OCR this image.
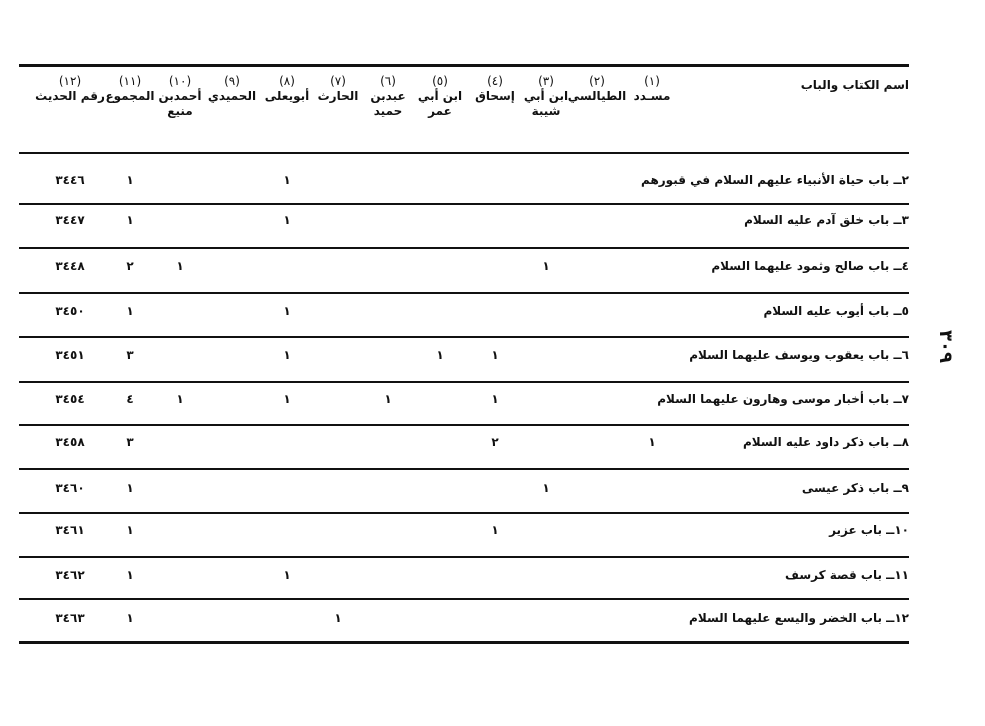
اسم الكتاب والباب
(١)
مسـدد
(٢)
الطيالسي
(٣)
ابن أبي
شيبة
(٤)
إسحاق
(٥)
ابن أبي
عمر
(٦)
عبدبن
حميد
(٧)
الحارث
(٨)
أبويعلى
(٩)
الحميدي
(١٠)
أحمدبن
منيع
(١١)
المجموع
(١٢)
رقم الحديث
٢ــ باب حياة الأنبياء عليهم السلام في قبورهم
١
١
٣٤٤٦
٣ــ باب خلق آدم عليه السلام
١
١
٣٤٤٧
٤ــ باب صالح وثمود عليهما السلام
١
١
٢
٣٤٤٨
٥ــ باب أيوب عليه السلام
١
١
٣٤٥٠
٦ــ باب يعقوب ويوسف عليهما السلام
١
١
١
٣
٣٤٥١
٧ــ باب أخبار موسى وهارون عليهما السلام
١
١
١
١
٤
٣٤٥٤
٨ــ باب ذكر داود عليه السلام
١
٢
٣
٣٤٥٨
٩ــ باب ذكر عيسى
١
١
٣٤٦٠
١٠ــ باب عزير
١
١
٣٤٦١
١١ــ باب قصة كرسف
١
١
٣٤٦٢
١٢ــ باب الخضر واليسع عليهما السلام
١
١
٣٤٦٣
٣٠٩
